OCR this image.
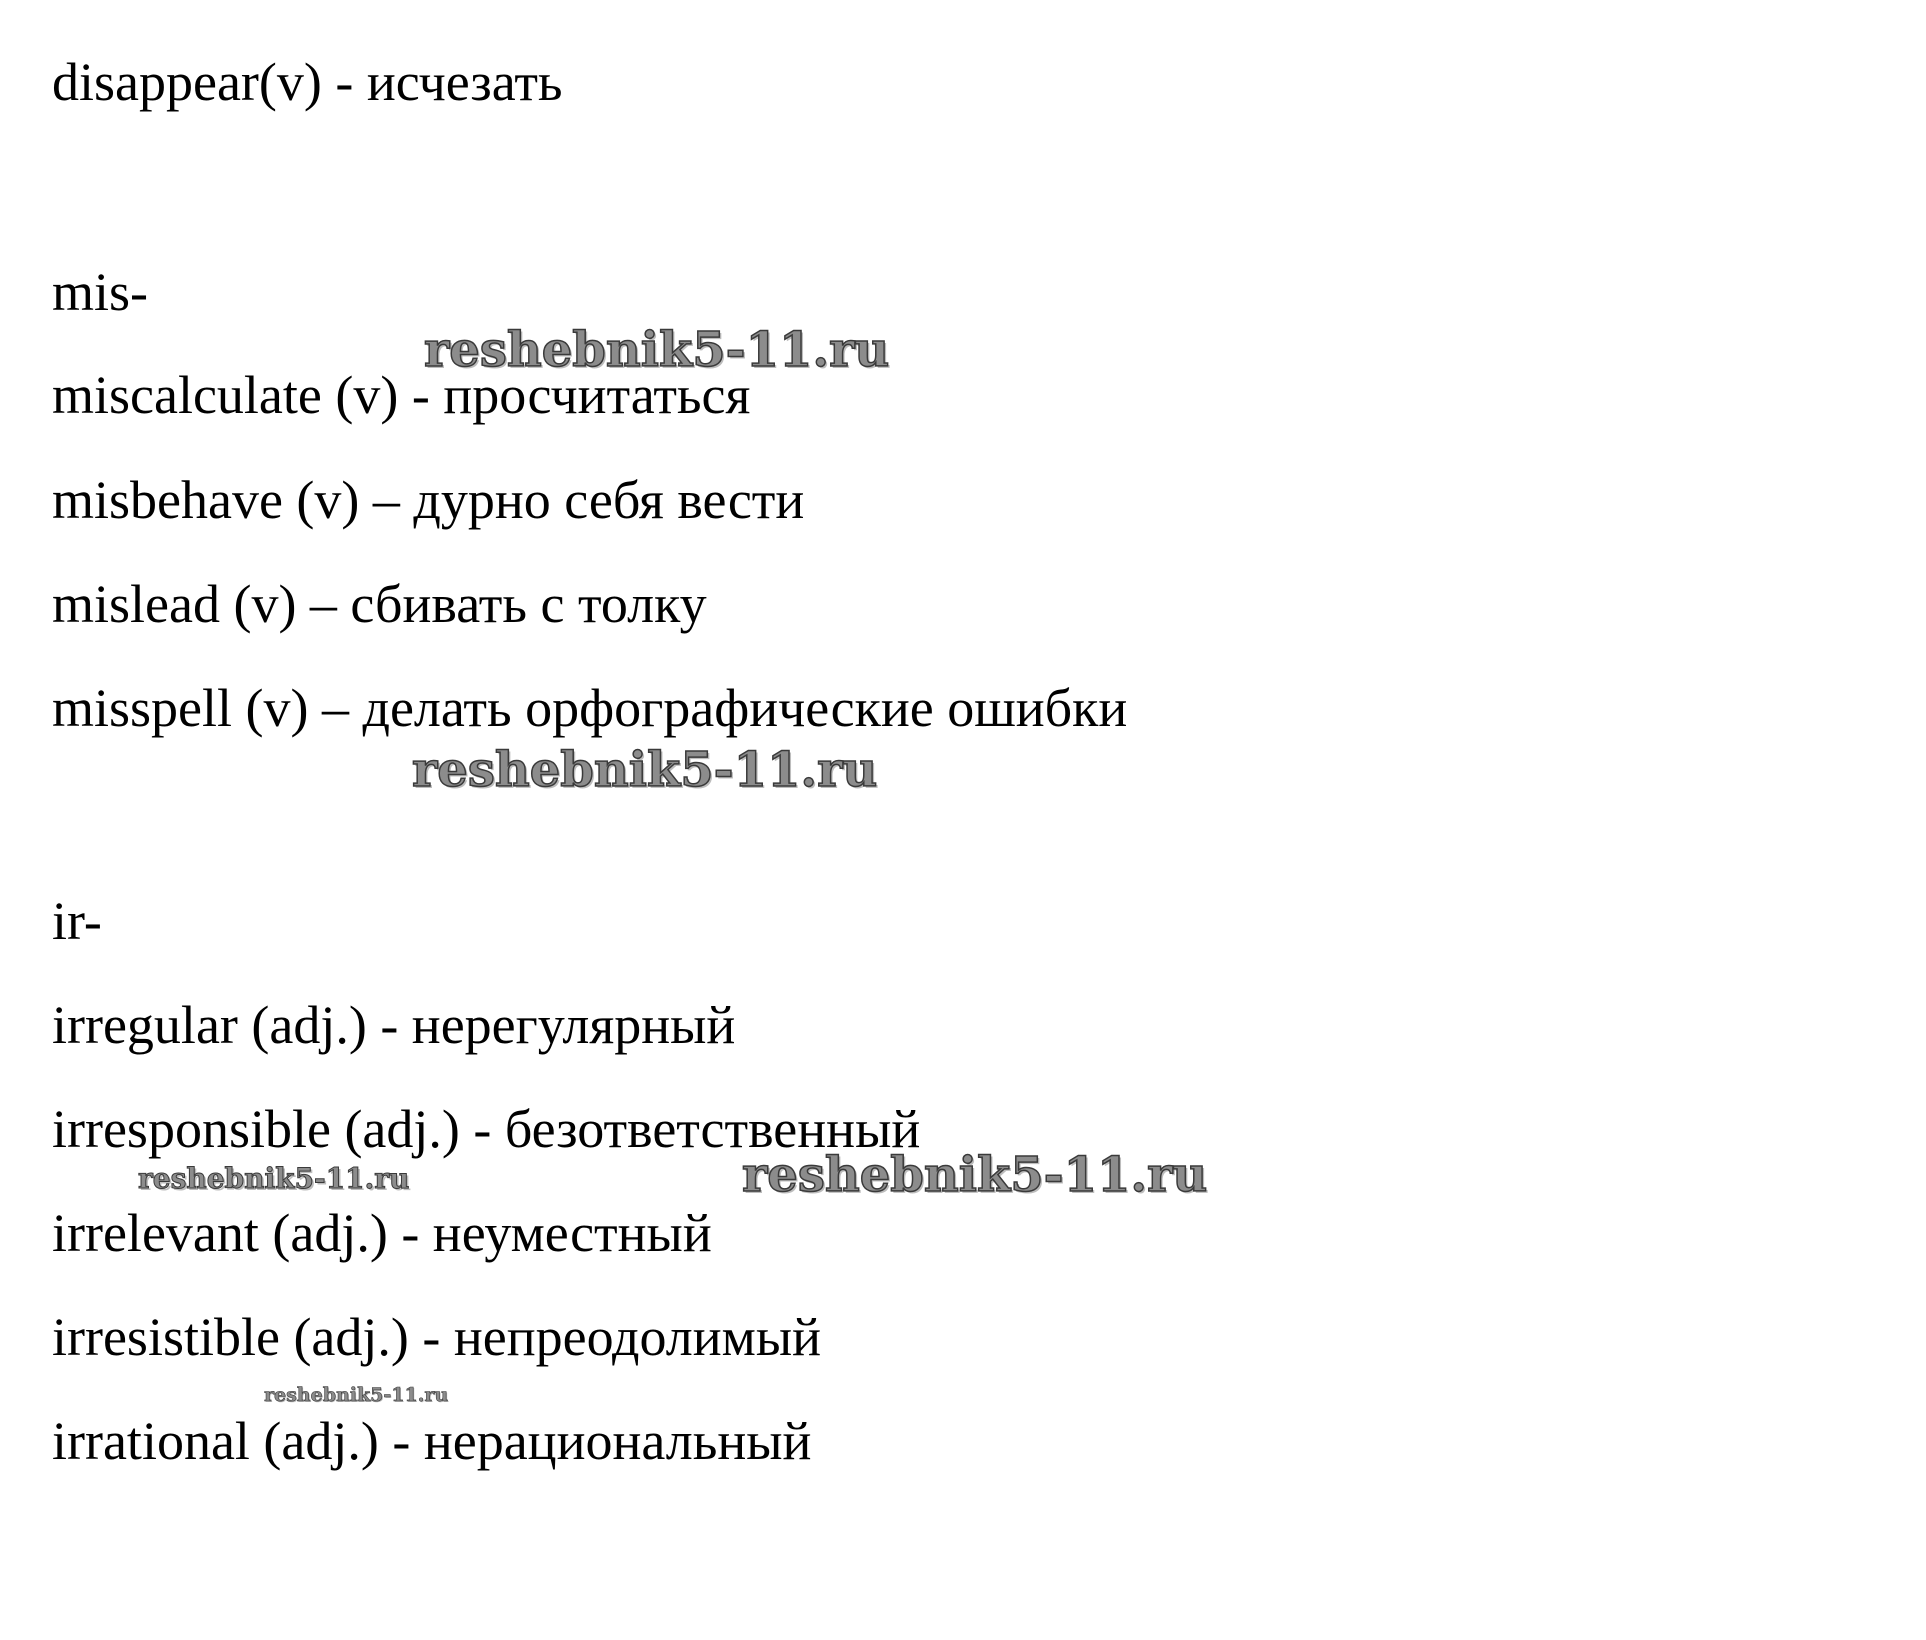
disappear(v) - исчезать

mis-

miscalculate (v) - просчитаться

misbehave (v) – дурно себя вести

mislead (v) – сбивать с толку

misspell (v) – делать орфографические ошибки

ir-

irregular (adj.) - нерегулярный

irresponsible (adj.) - безответственный

irrelevant (adj.) - неуместный

irresistible (adj.) - непреодолимый

irrational (adj.) - нерациональный

reshebnik5-11.ru
reshebnik5-11.ru
reshebnik5-11.ru	reshebnik5-11.ru
reshebnik5-11.ru
